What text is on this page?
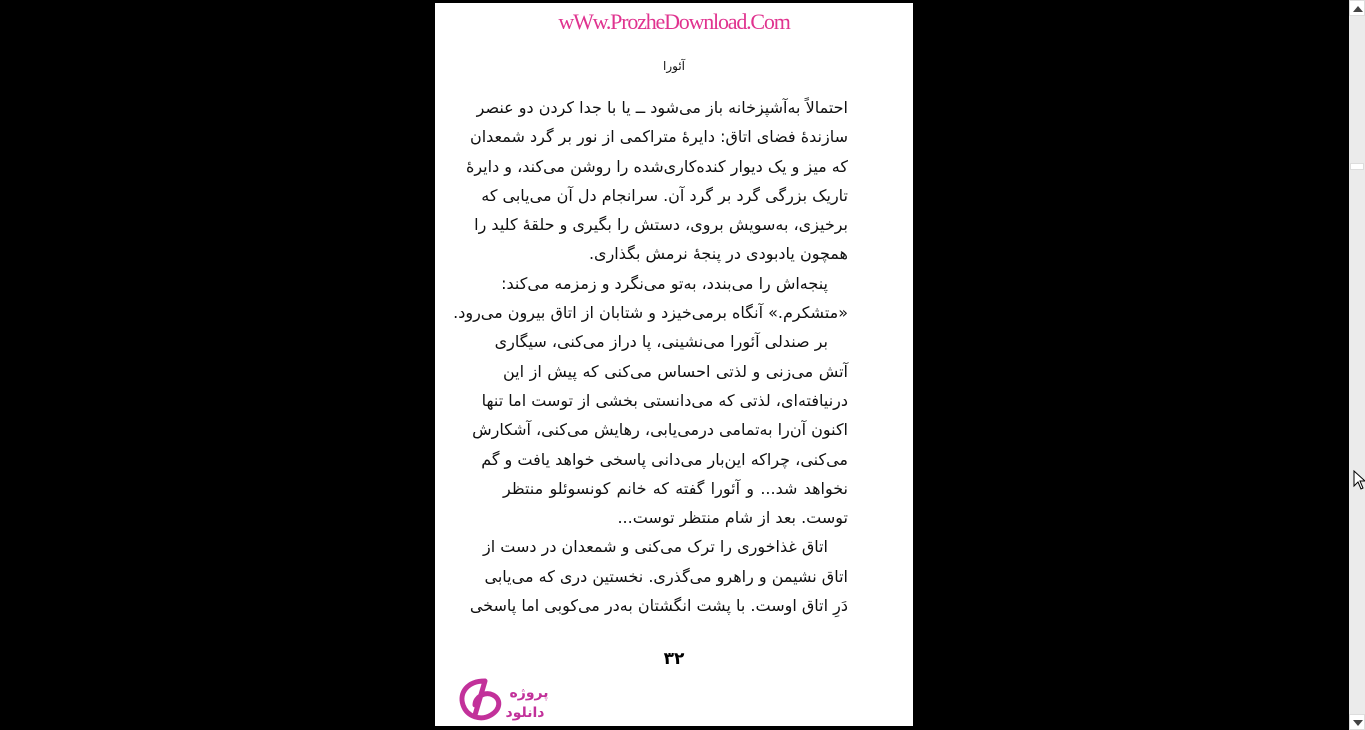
wWw.ProzheDownload.Com
آئورا
احتمالاً به‌آشپزخانه باز می‌شود ــ یا با جدا کردن دو عنصر
سازندهٔ فضای اتاق: دایرهٔ متراکمی از نور بر گرد شمعدان
که میز و یک دیوار کنده‌کاری‌شده را روشن می‌کند، و دایرهٔ
تاریک بزرگی گرد بر گرد آن. سرانجام دل آن می‌یابی که
برخیزی، به‌سویش بروی، دستش را بگیری و حلقهٔ کلید را
همچون یادبودی در پنجهٔ نرمش بگذاری.
پنجه‌اش را می‌بندد، به‌تو می‌نگرد و زمزمه می‌کند:
«متشکرم.» آنگاه برمی‌خیزد و شتابان از اتاق بیرون می‌رود.
بر صندلی آئورا می‌نشینی، پا دراز می‌کنی، سیگاری
آتش می‌زنی و لذتی احساس می‌کنی که پیش از این
درنیافته‌ای، لذتی که می‌دانستی بخشی از توست اما تنها
اکنون آن‌را به‌تمامی درمی‌یابی، رهایش می‌کنی، آشکارش
می‌کنی، چراکه این‌بار می‌دانی پاسخی خواهد یافت و گم
نخواهد شد... و آئورا گفته که خانم کونسوئلو منتظر
توست. بعد از شام منتظر توست...
اتاق غذاخوری را ترک می‌کنی و شمعدان در دست از
اتاق نشیمن و راهرو می‌گذری. نخستین دری که می‌یابی
دَرِ اتاق اوست. با پشت انگشتان به‌در می‌کوبی اما پاسخی
۳۲
پروژه
دانلود
